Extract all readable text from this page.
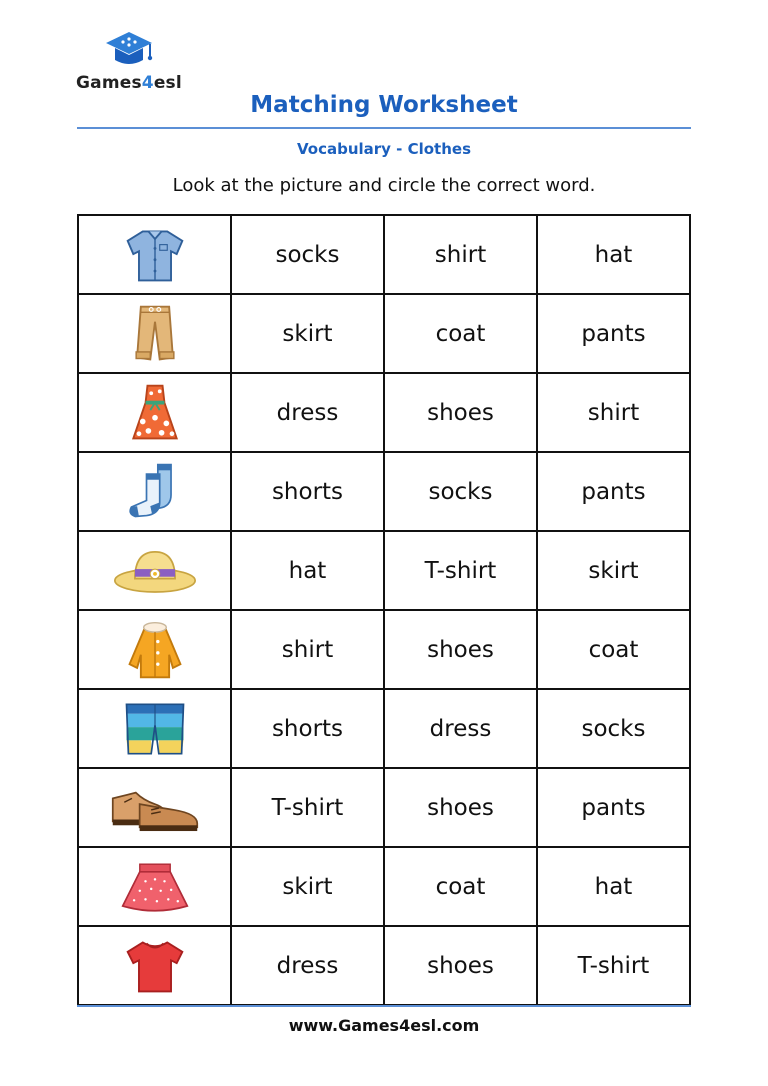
Games4esl
Matching Worksheet
Vocabulary - Clothes
Look at the picture and circle the correct word.
	socks	shirt	hat

	skirt	coat	pants

	dress	shoes	shirt

	shorts	socks	pants

	hat	T-shirt	skirt

	shirt	shoes	coat

	shorts	dress	socks

	T-shirt	shoes	pants

	skirt	coat	hat

	dress	shoes	T-shirt
www.Games4esl.com
